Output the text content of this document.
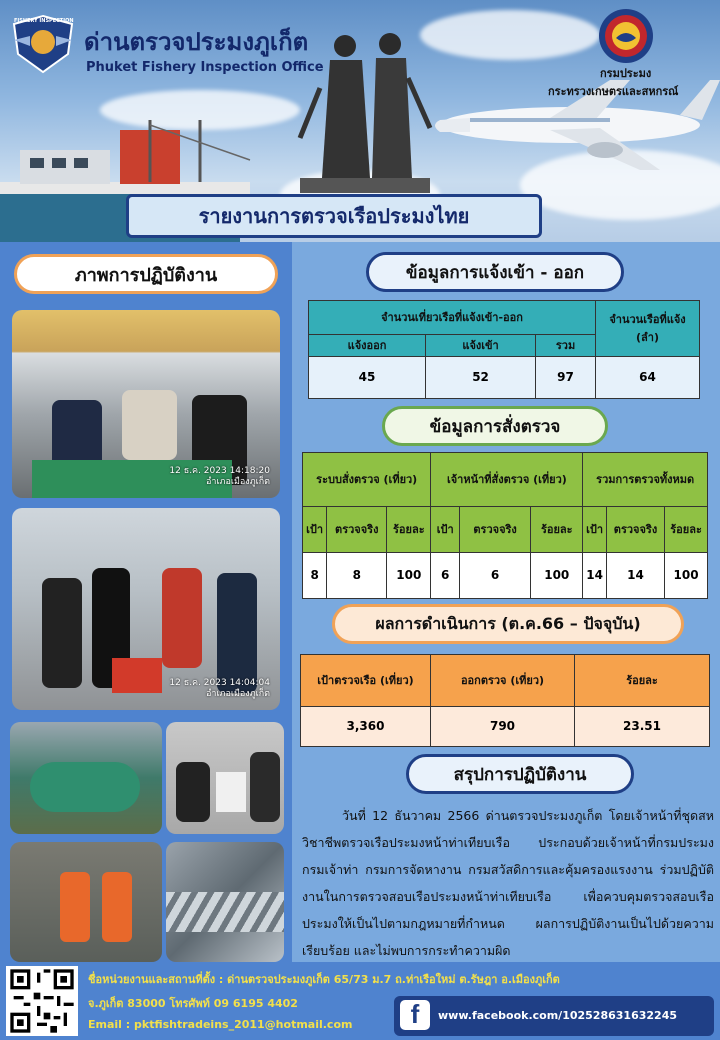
FISHERY INSPECTION
ด่านตรวจประมงภูเก็ต
Phuket Fishery Inspection Office	กรมประมง
กระทรวงเกษตรและสหกรณ์
รายงานการตรวจเรือประมงไทย
ภาพการปฏิบัติงาน
12 ธ.ค. 2023 14:18:20
อำเภอเมืองภูเก็ต
12 ธ.ค. 2023 14:04:04
อำเภอเมืองภูเก็ต
ข้อมูลการแจ้งเข้า - ออก
จำนวนเที่ยวเรือที่แจ้งเข้า-ออก			จำนวนเรือที่แจ้ง (ลำ)
แจ้งออก	แจ้งเข้า	รวม	
45	52	97	64
ข้อมูลการสั่งตรวจ
ระบบสั่งตรวจ (เที่ยว)			เจ้าหน้าที่สั่งตรวจ (เที่ยว)			รวมการตรวจทั้งหมด		
เป้า	ตรวจจริง	ร้อยละ	เป้า	ตรวจจริง	ร้อยละ	เป้า	ตรวจจริง	ร้อยละ
8	8	100	6	6	100	14	14	100
ผลการดำเนินการ (ต.ค.66 – ปัจจุบัน)
เป้าตรวจเรือ (เที่ยว)	ออกตรวจ (เที่ยว)	ร้อยละ
3,360	790	23.51
สรุปการปฏิบัติงาน
วันที่ 12 ธันวาคม 2566 ด่านตรวจประมงภูเก็ต โดยเจ้าหน้าที่ชุดสหวิชาชีพตรวจเรือประมงหน้าท่าเทียบเรือ ประกอบด้วยเจ้าหน้าที่กรมประมง กรมเจ้าท่า กรมการจัดหางาน กรมสวัสดิการและคุ้มครองแรงงาน ร่วมปฏิบัติงานในการตรวจสอบเรือประมงหน้าท่าเทียบเรือ เพื่อควบคุมตรวจสอบเรือประมงให้เป็นไปตามกฎหมายที่กำหนด ผลการปฏิบัติงานเป็นไปด้วยความเรียบร้อย และไม่พบการกระทำความผิด
ชื่อหน่วยงานและสถานที่ตั้ง : ด่านตรวจประมงภูเก็ต 65/73 ม.7 ถ.ท่าเรือใหม่ ต.รัษฎา อ.เมืองภูเก็ต
จ.ภูเก็ต 83000 โทรศัพท์ 09 6195 4402
Email : pktfishtradeins_2011@hotmail.com	f	www.facebook.com/102528631632245
